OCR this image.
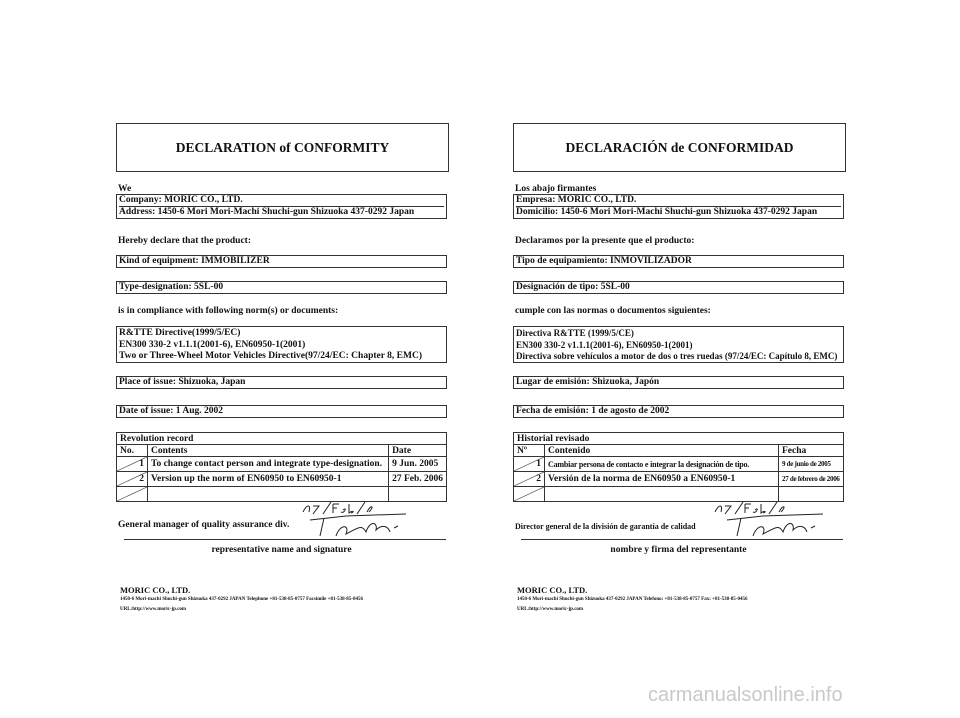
DECLARATION of CONFORMITY
We
Company: MORIC CO., LTD.
Address: 1450-6 Mori Mori-Machi Shuchi-gun Shizuoka 437-0292 Japan
Hereby declare that the product:
Kind of equipment: IMMOBILIZER
Type-designation: 5SL-00
is in compliance with following norm(s) or documents:
R&TTE Directive(1999/5/EC)
EN300 330-2 v1.1.1(2001-6), EN60950-1(2001)
Two or Three-Wheel Motor Vehicles Directive(97/24/EC: Chapter 8, EMC)
Place of issue: Shizuoka, Japan
Date of issue: 1 Aug. 2002
Revolution record		
No.	Contents	Date

1	To change contact person and integrate type-designation.	9 Jun. 2005

2	Version up the norm of EN60950 to EN60950-1	27 Feb. 2006

General manager of quality assurance div.
representative name and signature
MORIC CO., LTD.
1450-6 Mori-machi Shuchi-gun Shizuoka 437-0292 JAPAN Telephone +81-538-85-0757 Facsimile +81-538-85-0456
URL:http://www.moric-jp.com
DECLARACIÓN de CONFORMIDAD
Los abajo firmantes
Empresa: MORIC CO., LTD.
Domicilio: 1450-6 Mori Mori-Machi Shuchi-gun Shizuoka 437-0292 Japan
Declaramos por la presente que el producto:
Tipo de equipamiento: INMOVILIZADOR
Designación de tipo: 5SL-00
cumple con las normas o documentos siguientes:
Directiva R&TTE (1999/5/CE)
EN300 330-2 v1.1.1(2001-6), EN60950-1(2001)
Directiva sobre vehículos a motor de dos o tres ruedas (97/24/EC: Capítulo 8, EMC)
Lugar de emisión: Shizuoka, Japón
Fecha de emisión: 1 de agosto de 2002
Historial revisado		
Nº	Contenido	Fecha

1	Cambiar persona de contacto e integrar la designación de tipo.	9 de junio de 2005

2	Versión de la norma de EN60950 a EN60950-1	27 de febrero de 2006

Director general de la división de garantía de calidad
nombre y firma del representante
MORIC CO., LTD.
1450-6 Mori-machi Shuchi-gun Shizuoka 437-0292 JAPAN Telefono: +81-538-85-0757 Fax: +81-538-85-0456
URL:http://www.moric-jp.com
carmanualsonline.info
